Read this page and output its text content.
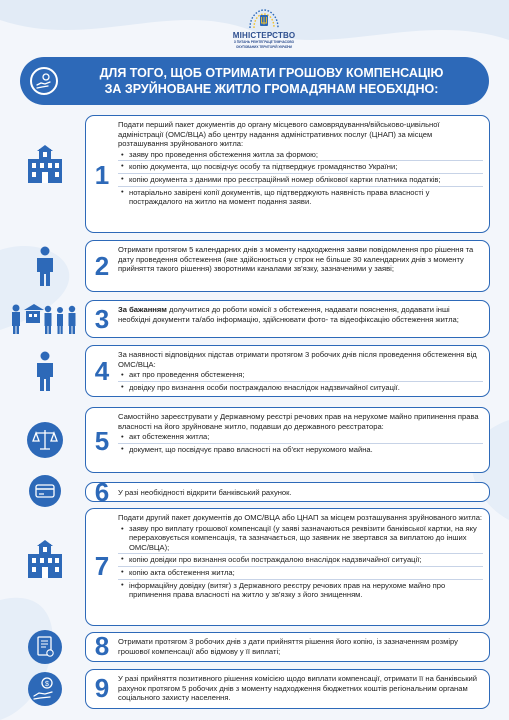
МІНІСТЕРСТВО
З ПИТАНЬ РЕІНТЕГРАЦІЇ ТИМЧАСОВО
ОКУПОВАНИХ ТЕРИТОРІЙ УКРАЇНИ
ДЛЯ ТОГО, ЩОБ ОТРИМАТИ ГРОШОВУ КОМПЕНСАЦІЮ
ЗА ЗРУЙНОВАНЕ ЖИТЛО ГРОМАДЯНАМ НЕОБХІДНО:
1

Подати перший пакет документів до органу місцевого самоврядування/військово-цивільної адміністрації (ОМС/ВЦА) або центру надання адміністративних послуг (ЦНАП) за місцем розташування зруйнованого житла:

• заяву про проведення обстеження житла за формою;
• копію документа, що посвідчує особу та підтверджує громадянство України;
• копію документа з даними про реєстраційний номер облікової картки платника податків;
• нотаріально завірені копії документів, що підтверджують наявність права власності у постраждалого на житло на момент подання заяви.
2

Отримати протягом 5 календарних днів з моменту надходження заяви повідомлення про рішення та дату проведення обстеження (яке здійснюється у строк не більше 30 календарних днів з моменту прийняття такого рішення) зворотними каналами зв'язку, зазначеними у заяві;

3	За бажанням долучитися до роботи комісії з обстеження, надавати пояснення, додавати інші необхідні документи та/або інформацію, здійснювати фото- та відеофіксацію обстеження житла;

4

За наявності відповідних підстав отримати протягом 3 робочих днів після проведення обстеження від ОМС/ВЦА:

• акт про проведення обстеження;
• довідку про визнання особи постраждалою внаслідок надзвичайної ситуації.
5

Самостійно зареєструвати у Державному реєстрі речових прав на нерухоме майно припинення права власності на його зруйноване житло, подавши до державного реєстратора:

• акт обстеження житла;
• документ, що посвідчує право власності на об'єкт нерухомого майна.
6	У разі необхідності відкрити банківський рахунок.

7

Подати другий пакет документів до ОМС/ВЦА або ЦНАП за місцем розташування зруйнованого житла:

• заяву про виплату грошової компенсації (у заяві зазначаються реквізити банківської картки, на яку перераховується компенсація, та зазначається, що заявник не звертався за виплатою до інших ОМС/ВЦА);
• копію довідки про визнання особи постраждалою внаслідок надзвичайної ситуації;
• копію акта обстеження житла;
• інформаційну довідку (витяг) з Державного реєстру речових прав на нерухоме майно про припинення права власності на житло у зв'язку з його знищенням.
8	Отримати протягом 3 робочих днів з дати прийняття рішення його копію, із зазначенням розміру грошової компенсації або відмову у її виплаті;

$ 9	У разі прийняття позитивного рішення комісією щодо виплати компенсації, отримати її на банківський рахунок протягом 5 робочих днів з моменту надходження бюджетних коштів регіональним органам соціального захисту населення.
